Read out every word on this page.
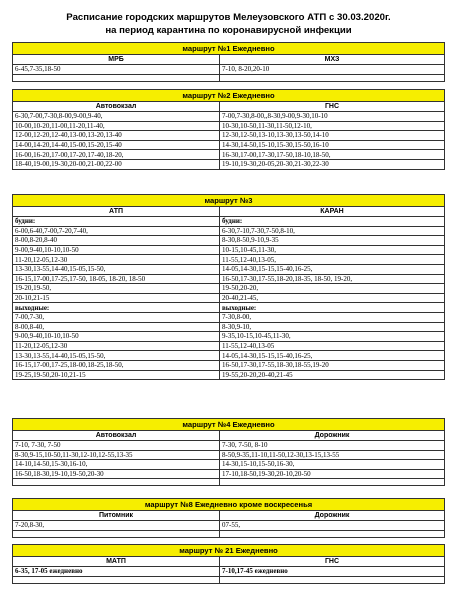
Расписание городских маршрутов Мелеузовского АТП с 30.03.2020г.
на период карантина по коронавирусной инфекции
маршрут №1 Ежедневно	
МРБ	МХЗ
6-45,7-35,18-50	7-10, 8-20,20-10

маршрут №2 Ежедневно	
Автовокзал	ГНС
6-30,7-00,7-30,8-00,9-00,9-40,	7-00,7-30,8-00,,8-30,9-00,9-30,10-10
10-00,10-20,11-00,11-20,11-40,	10-30,10-50,11-30,11-50,12-10,
12-00,12-20,12-40,13-00,13-20,13-40	12-30,12-50,13-10,13-30,13-50,14-10
14-00,14-20,14-40,15-00,15-20,15-40	14-30,14-50,15-10,15-30,15-50,16-10
16-00,16-20,17-00,17-20,17-40,18-20,	16-30,17-00,17-30,17-50,18-10,18-50,
18-40,19-00,19-30,20-00,21-00,22-00	19-10,19-30,20-05,20-30,21-30,22-30
маршрут №3	
АТП	КАРАН
будни:	будни:
6-00,6-40,7-00,7-20,7-40,	6-30,7-10,7-30,7-50,8-10,
8-00,8-20,8-40	8-30,8-50,9-10,9-35
9-00,9-40,10-10,10-50	10-15,10-45,11-30,
11-20,12-05,12-30	11-55,12-40,13-05,
13-30,13-55,14-40,15-05,15-50,	14-05,14-30,15-15,15-40,16-25,
16-15,17-00,17-25,17-50, 18-05, 18-20, 18-50	16-50,17-30,17-55,18-20,18-35, 18-50, 19-20,
19-20,19-50,	19-50,20-20,
20-10,21-15	20-40,21-45,
выходные:	выходные:
7-00,7-30,	7-30,8-00,
8-00,8-40,	8-30,9-10,
9-00,9-40,10-10,10-50	9-35,10-15,10-45,11-30,
11-20,12-05,12-30	11-55,12-40,13-05
13-30,13-55,14-40,15-05,15-50,	14-05,14-30,15-15,15-40,16-25,
16-15,17-00,17-25,18-00,18-25,18-50,	16-50,17-30,17-55,18-30,18-55,19-20
19-25,19-50,20-10,21-15	19-55,20-20,20-40,21-45
маршрут №4 Ежедневно	
Автовокзал	Дорожник
7-10, 7-30, 7-50	7-30, 7-50, 8-10
8-30,9-15,10-50,11-30,12-10,12-55,13-35	8-50,9-35,11-10,11-50,12-30,13-15,13-55
14-10,14-50,15-30,16-10,	14-30,15-10,15-50,16-30,
16-50,18-30,19-10,19-50,20-30	17-10,18-50,19-30,20-10,20-50

маршрут №8 Ежедневно кроме воскресенья	
Питомник	Дорожник
7-20,8-30,	07-55,

маршрут № 21 Ежедневно	
МАТП	ГНС
6-35, 17-05 ежедневно	7-10,17-45 ежедневно
